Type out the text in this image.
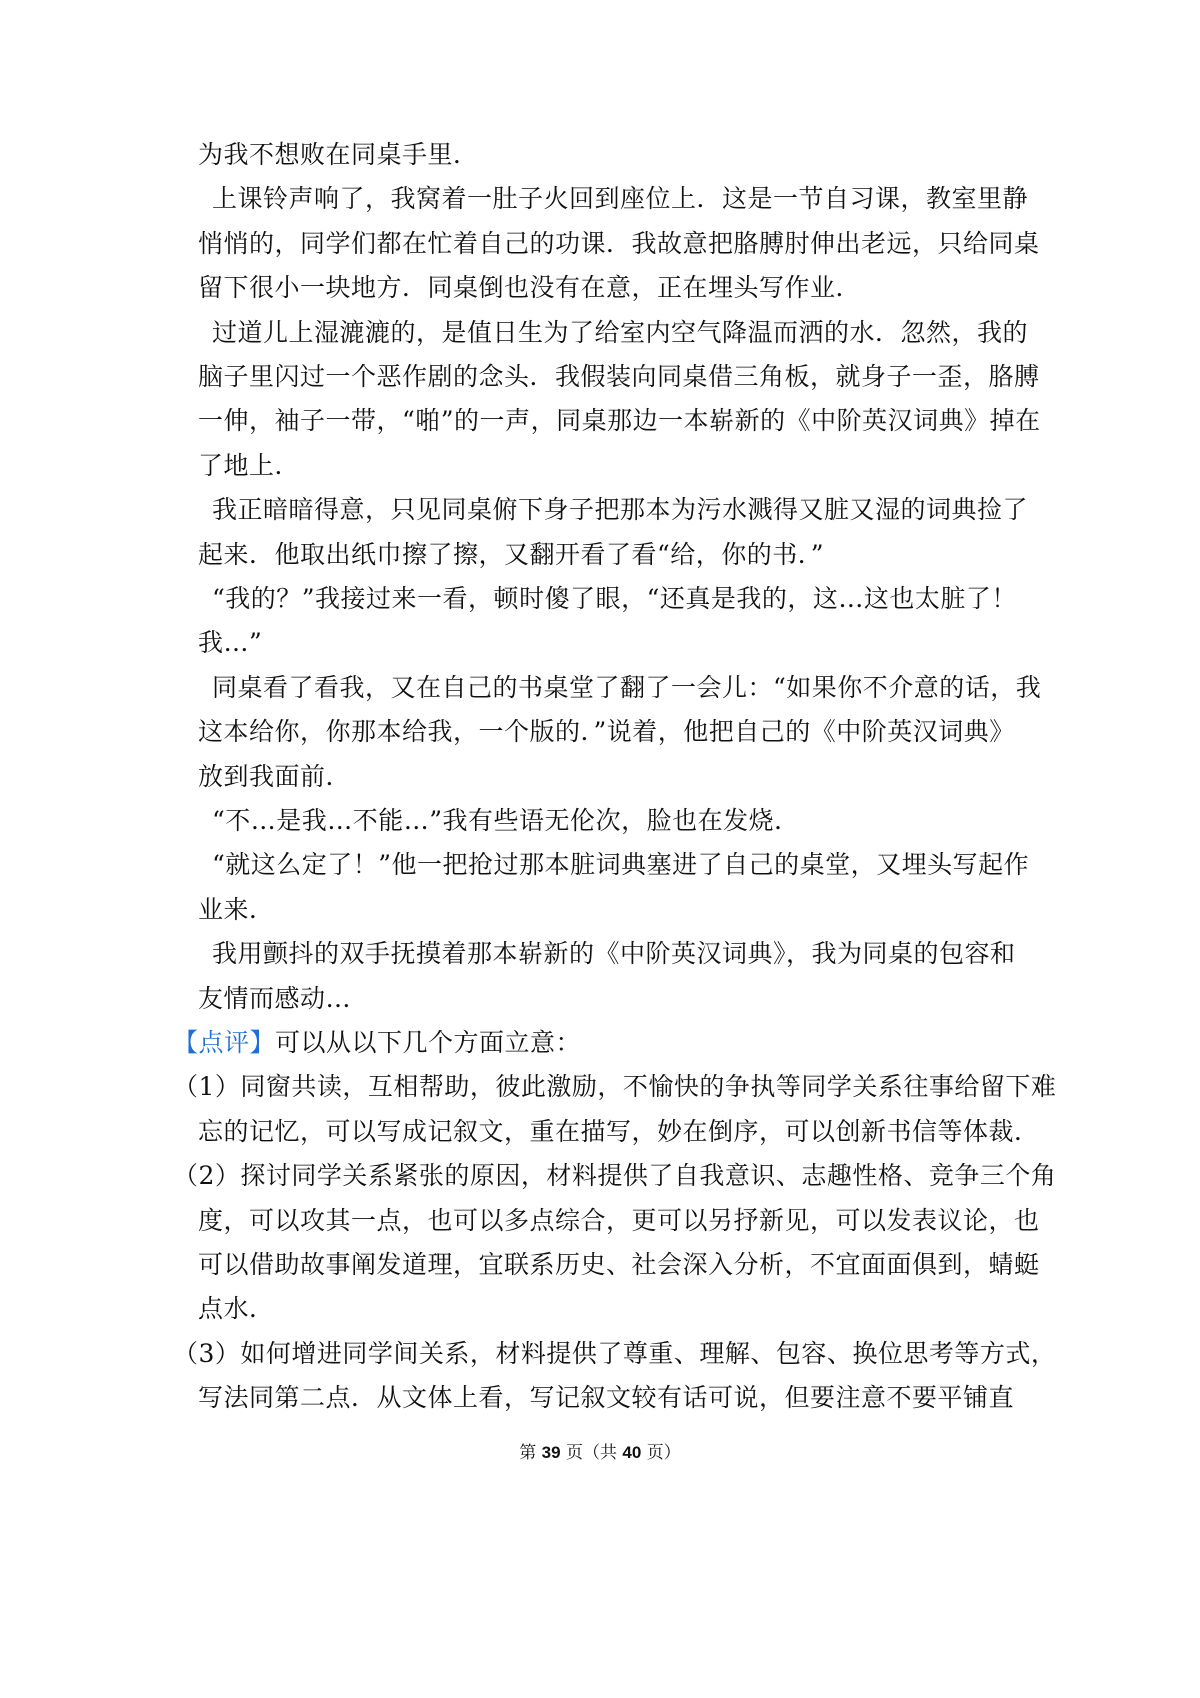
为我不想败在同桌手里．
上课铃声响了，我窝着一肚子火回到座位上．这是一节自习课，教室里静
悄悄的，同学们都在忙着自己的功课．我故意把胳膊肘伸出老远，只给同桌
留下很小一块地方．同桌倒也没有在意，正在埋头写作业．
过道儿上湿漉漉的，是值日生为了给室内空气降温而洒的水．忽然，我的
脑子里闪过一个恶作剧的念头．我假装向同桌借三角板，就身子一歪，胳膊
一伸，袖子一带，“啪”的一声，同桌那边一本崭新的《中阶英汉词典》掉在
了地上．
我正暗暗得意，只见同桌俯下身子把那本为污水溅得又脏又湿的词典捡了
起来．他取出纸巾擦了擦，又翻开看了看“给，你的书．”
“我的？”我接过来一看，顿时傻了眼，“还真是我的，这…这也太脏了！
我…”
同桌看了看我，又在自己的书桌堂了翻了一会儿：“如果你不介意的话，我
这本给你，你那本给我，一个版的．”说着，他把自己的《中阶英汉词典》
放到我面前．
“不…是我…不能…”我有些语无伦次，脸也在发烧．
“就这么定了！”他一把抢过那本脏词典塞进了自己的桌堂，又埋头写起作
业来．
我用颤抖的双手抚摸着那本崭新的《中阶英汉词典》，我为同桌的包容和
友情而感动…
【点评】可以从以下几个方面立意：
（1）同窗共读，互相帮助，彼此激励，不愉快的争执等同学关系往事给留下难
忘的记忆，可以写成记叙文，重在描写，妙在倒序，可以创新书信等体裁．
（2）探讨同学关系紧张的原因，材料提供了自我意识、志趣性格、竞争三个角
度，可以攻其一点，也可以多点综合，更可以另抒新见，可以发表议论，也
可以借助故事阐发道理，宜联系历史、社会深入分析，不宜面面俱到，蜻蜓
点水．
（3）如何增进同学间关系，材料提供了尊重、理解、包容、换位思考等方式，
写法同第二点．从文体上看，写记叙文较有话可说，但要注意不要平铺直
第 39 页（共 40 页）
